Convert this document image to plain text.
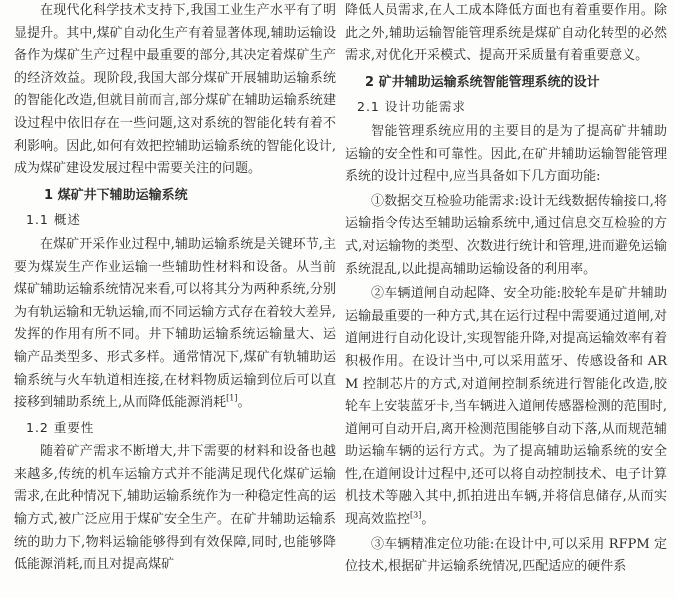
在现代化科学技术支持下,我国工业生产水平有了明显提升。其中,煤矿自动化生产有着显著体现,辅助运输设备作为煤矿生产过程中最重要的部分,其决定着煤矿生产的经济效益。现阶段,我国大部分煤矿开展辅助运输系统的智能化改造,但就目前而言,部分煤矿在辅助运输系统建设过程中依旧存在一些问题,这对系统的智能化转有着不利影响。因此,如何有效把控辅助运输系统的智能化设计,成为煤矿建设发展过程中需要关注的问题。

1 煤矿井下辅助运输系统
1.1 概述

在煤矿开采作业过程中,辅助运输系统是关键环节,主要为煤炭生产作业运输一些辅助性材料和设备。从当前煤矿辅助运输系统情况来看,可以将其分为两种系统,分别为有轨运输和无轨运输,而不同运输方式存在着较大差异,发挥的作用有所不同。井下辅助运输系统运输量大、运输产品类型多、形式多样。通常情况下,煤矿有轨辅助运输系统与火车轨道相连接,在材料物质运输到位后可以直接移到辅助系统上,从而降低能源消耗[1]。

1.2 重要性

随着矿产需求不断增大,井下需要的材料和设备也越来越多,传统的机车运输方式并不能满足现代化煤矿运输需求,在此种情况下,辅助运输系统作为一种稳定性高的运输方式,被广泛应用于煤矿安全生产。在矿井辅助运输系统的助力下,物料运输能够得到有效保障,同时,也能够降低能源消耗,而且对提高煤矿

降低人员需求,在人工成本降低方面也有着重要作用。除此之外,辅助运输智能管理系统是煤矿自动化转型的必然需求,对优化开采模式、提高开采质量有着重要意义。

2 矿井辅助运输系统智能管理系统的设计
2.1 设计功能需求

智能管理系统应用的主要目的是为了提高矿井辅助运输的安全性和可靠性。因此,在矿井辅助运输智能管理系统的设计过程中,应当具备如下几方面功能:

①数据交互检验功能需求:设计无线数据传输接口,将运输指令传达至辅助运输系统中,通过信息交互检验的方式,对运输物的类型、次数进行统计和管理,进而避免运输系统混乱,以此提高辅助运输设备的利用率。

②车辆道闸自动起降、安全功能:胶轮车是矿井辅助运输最重要的一种方式,其在运行过程中需要通过道闸,对道闸进行自动化设计,实现智能升降,对提高运输效率有着积极作用。在设计当中,可以采用蓝牙、传感设备和 ARM 控制芯片的方式,对道闸控制系统进行智能化改造,胶轮车上安装蓝牙卡,当车辆进入道闸传感器检测的范围时,道闸可自动开启,离开检测范围能够自动下落,从而规范辅助运输车辆的运行方式。为了提高辅助运输系统的安全性,在道闸设计过程中,还可以将自动控制技术、电子计算机技术等融入其中,抓拍进出车辆,并将信息储存,从而实现高效监控[3]。

③车辆精准定位功能:在设计中,可以采用 RFPM 定位技术,根据矿井运输系统情况,匹配适应的硬件系
